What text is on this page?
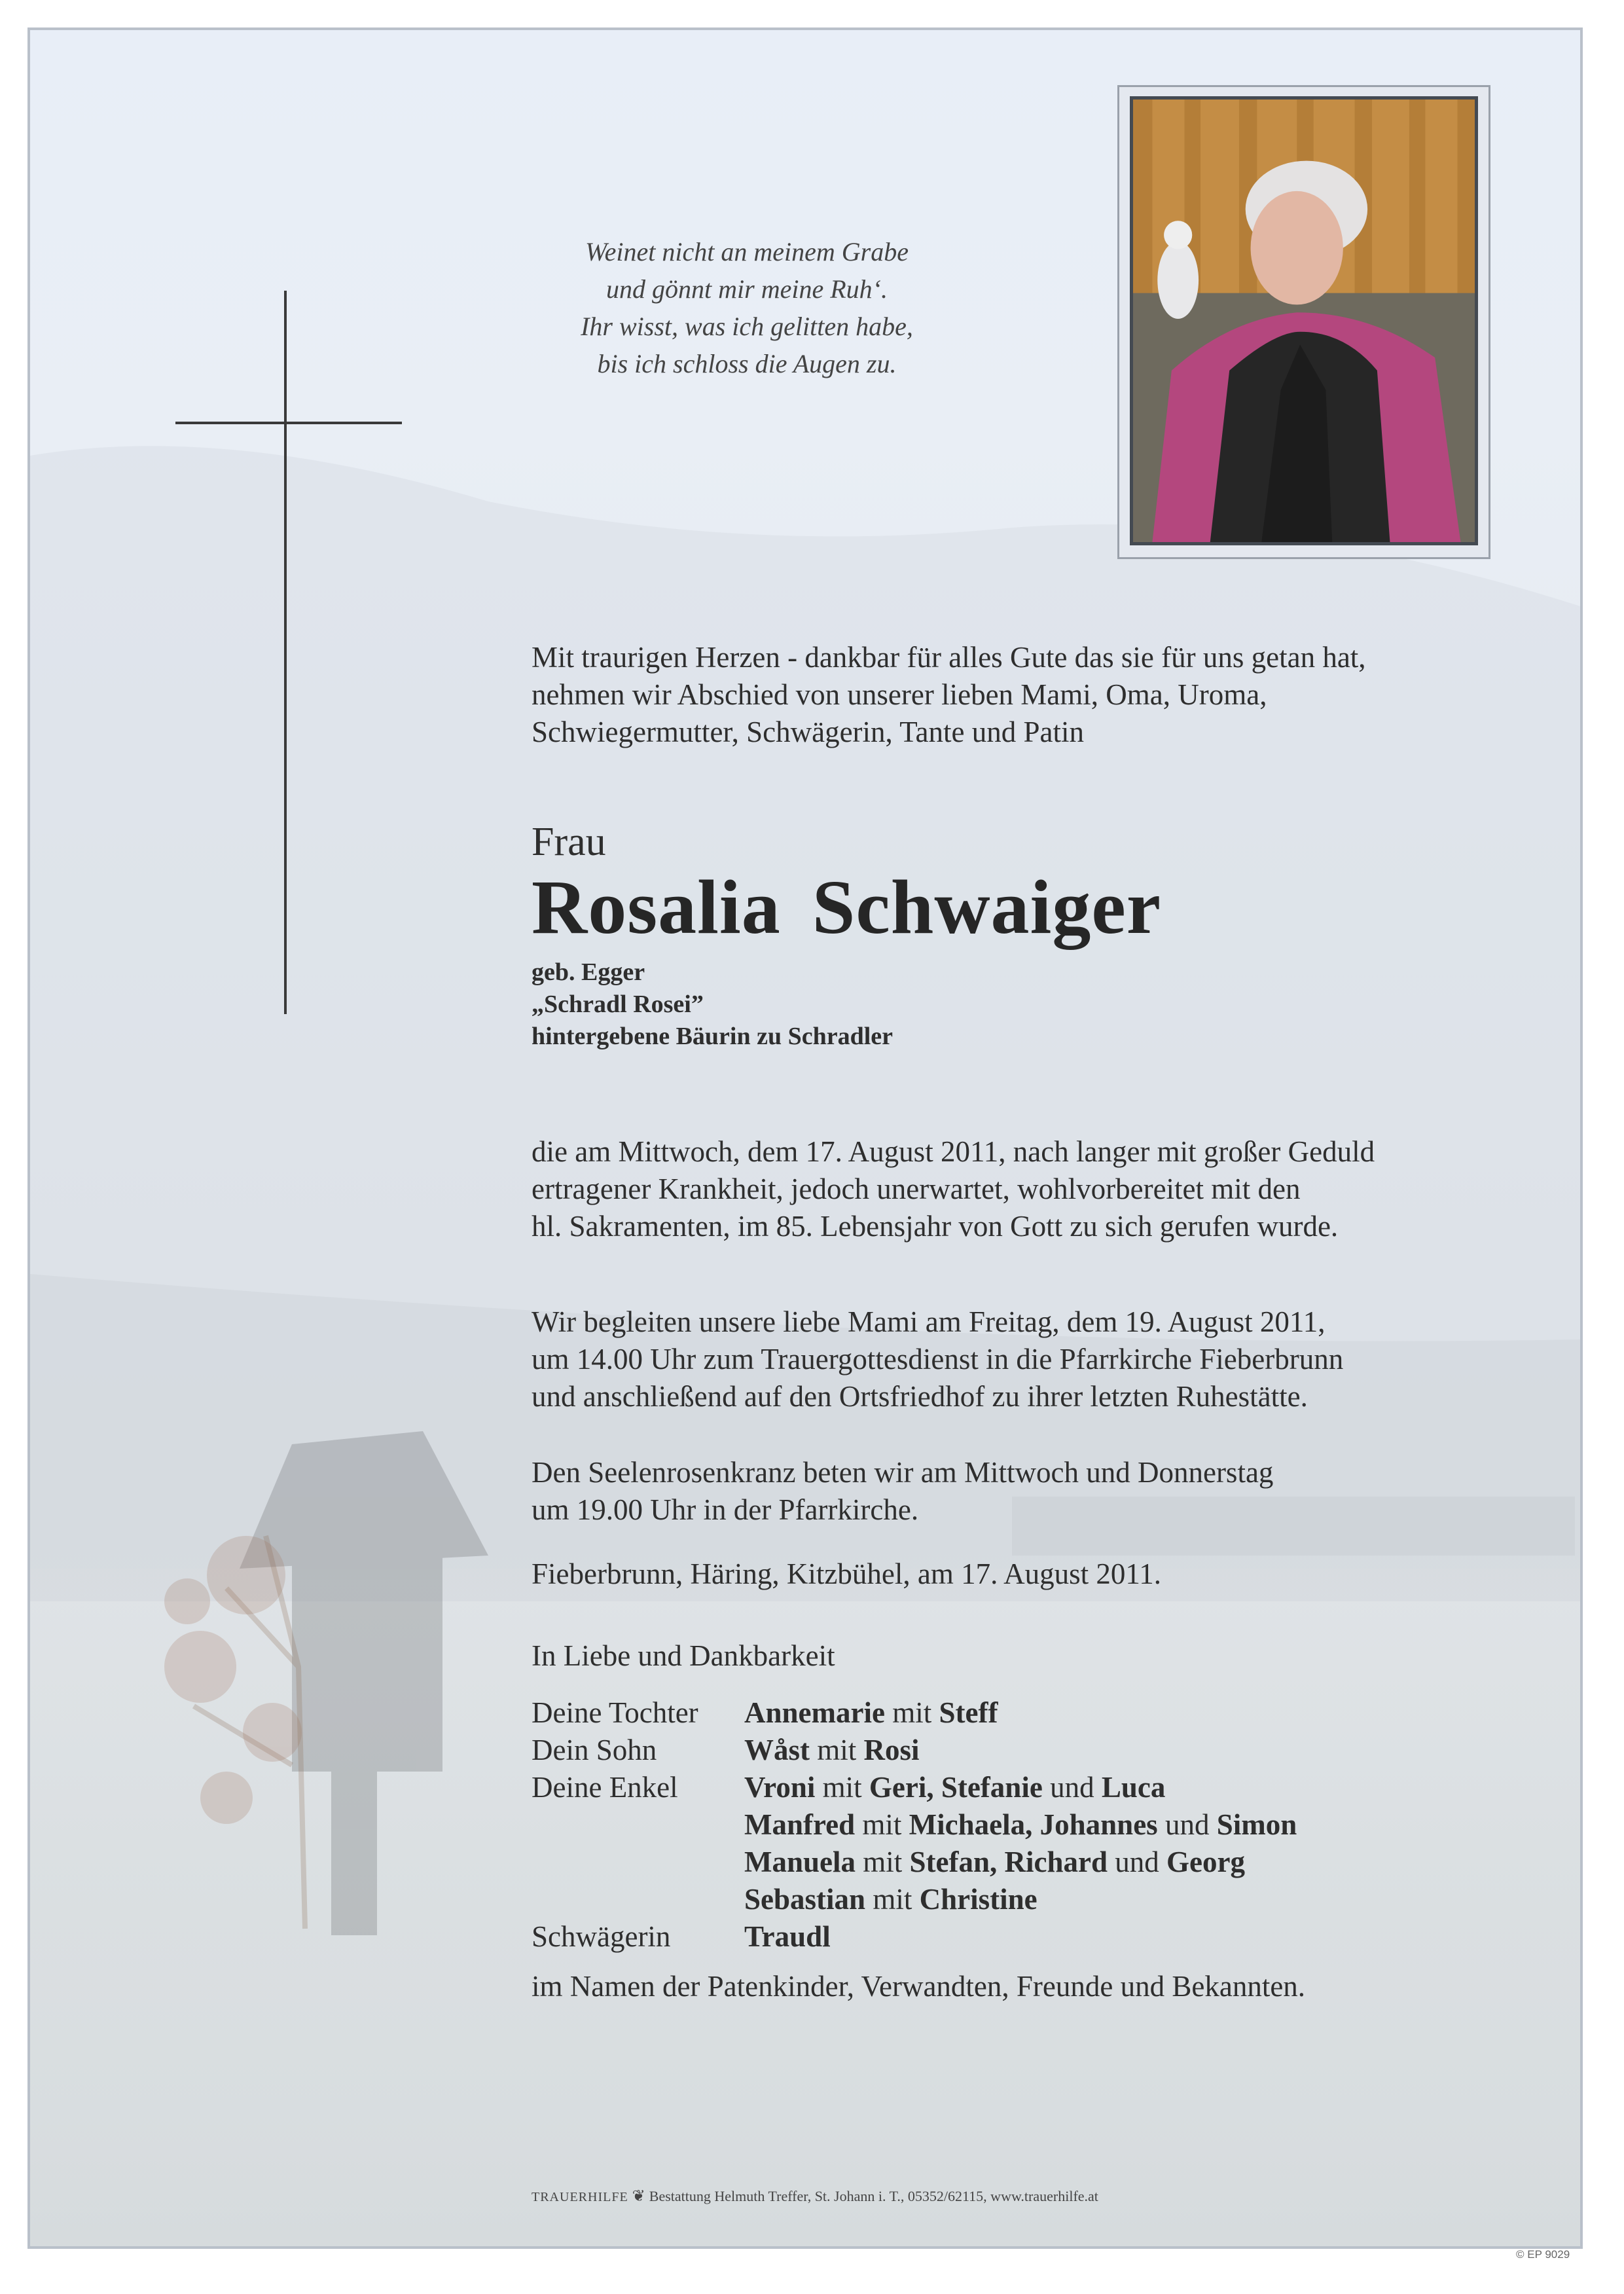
Weinet nicht an meinem Grabe
und gönnt mir meine Ruh‘.
Ihr wisst, was ich gelitten habe,
bis ich schloss die Augen zu.
Mit traurigen Herzen - dankbar für alles Gute das sie für uns getan hat,
nehmen wir Abschied von unserer lieben Mami, Oma, Uroma,
Schwiegermutter, Schwägerin, Tante und Patin
Frau
Rosalia Schwaiger
geb. Egger
„Schradl Rosei”
hintergebene Bäurin zu Schradler
die am Mittwoch, dem 17. August 2011, nach langer mit großer Geduld
ertragener Krankheit, jedoch unerwartet, wohlvorbereitet mit den
hl. Sakramenten, im 85. Lebensjahr von Gott zu sich gerufen wurde.
Wir begleiten unsere liebe Mami am Freitag, dem 19. August 2011,
um 14.00 Uhr zum Trauergottesdienst in die Pfarrkirche Fieberbrunn
und anschließend auf den Ortsfriedhof zu ihrer letzten Ruhestätte.
Den Seelenrosenkranz beten wir am Mittwoch und Donnerstag
um 19.00 Uhr in der Pfarrkirche.
Fieberbrunn, Häring, Kitzbühel, am 17. August 2011.
In Liebe und Dankbarkeit
Deine Tochter	Annemarie mit Steff
Dein Sohn	Wåst mit Rosi
Deine Enkel	Vroni mit Geri, Stefanie und Luca
Manfred mit Michaela, Johannes und Simon
Manuela mit Stefan, Richard und Georg
Sebastian mit Christine
Schwägerin	Traudl
im Namen der Patenkinder, Verwandten, Freunde und Bekannten.
TRAUERHILFE ❦ Bestattung Helmuth Treffer, St. Johann i. T., 05352/62115, www.trauerhilfe.at
© EP 9029
